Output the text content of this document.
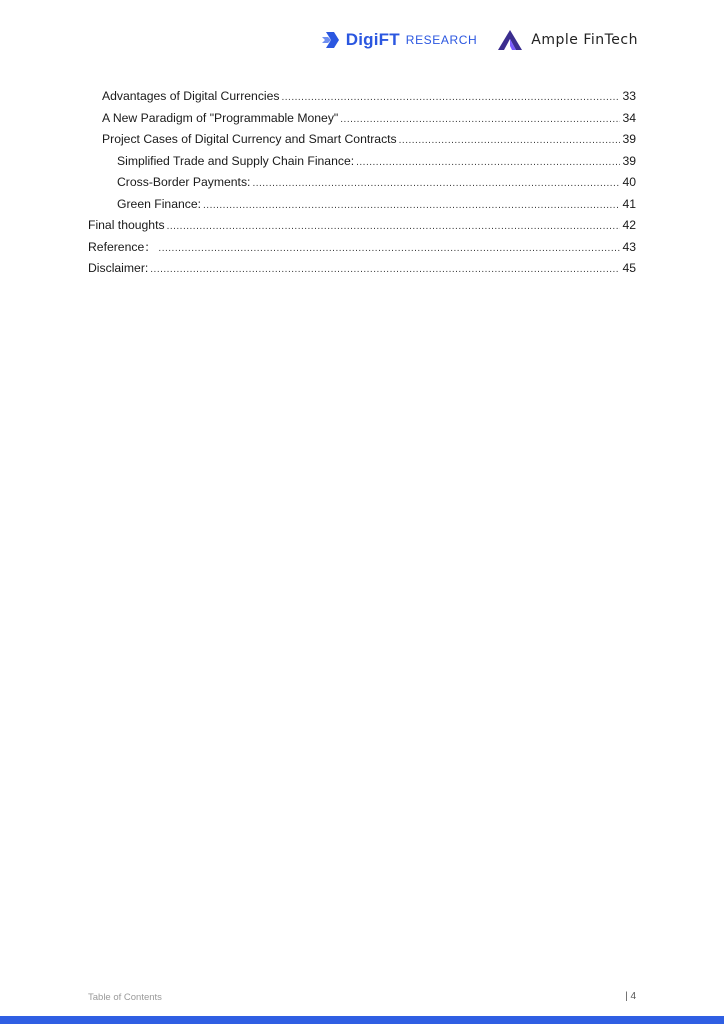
DigiFT RESEARCH	Ample FinTech
Advantages of Digital Currencies .....	33
A New Paradigm of "Programmable Money" .....	34
Project Cases of Digital Currency and Smart Contracts .....	39
Simplified Trade and Supply Chain Finance: .....	39
Cross-Border Payments: .....	40
Green Finance: .....	41
Final thoughts .....	42
Reference： .....	43
Disclaimer: .....	45
Table of Contents	| 4
